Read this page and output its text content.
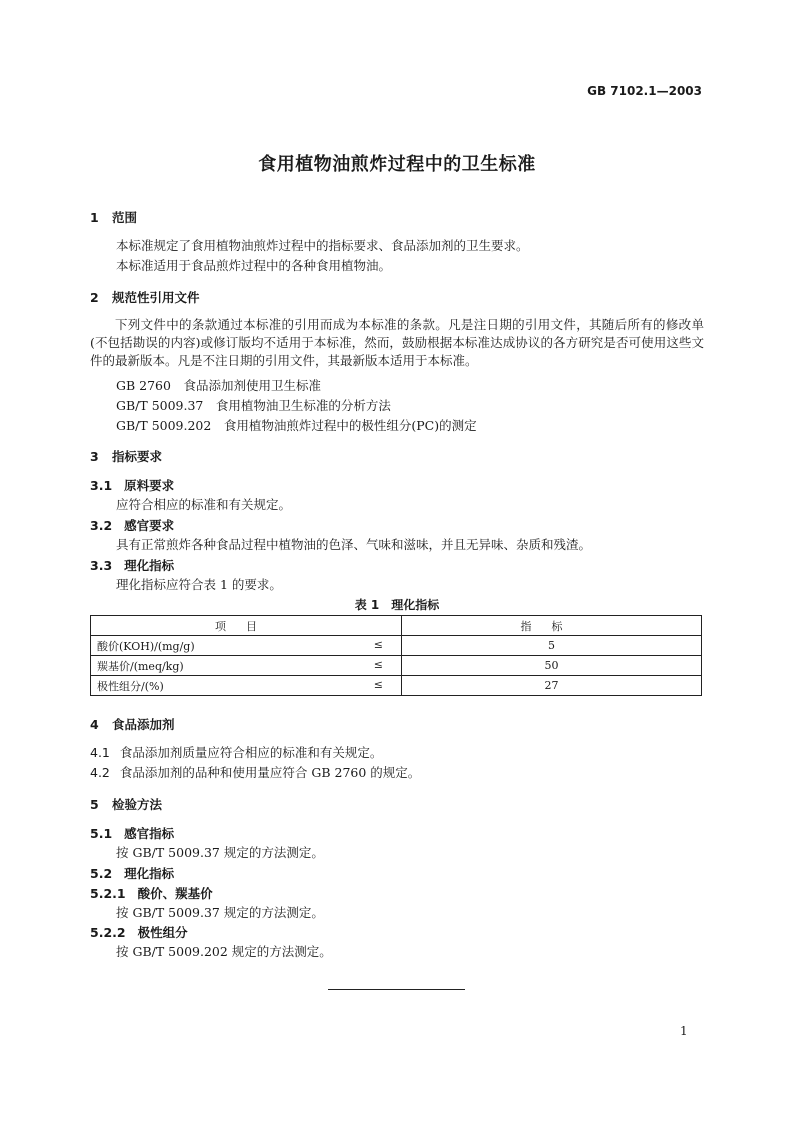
GB 7102.1—2003
食用植物油煎炸过程中的卫生标准
1 范围
本标准规定了食用植物油煎炸过程中的指标要求、食品添加剂的卫生要求。
本标准适用于食品煎炸过程中的各种食用植物油。
2 规范性引用文件
下列文件中的条款通过本标准的引用而成为本标准的条款。凡是注日期的引用文件，其随后所有的修改单(不包括勘误的内容)或修订版均不适用于本标准，然而，鼓励根据本标准达成协议的各方研究是否可使用这些文件的最新版本。凡是不注日期的引用文件，其最新版本适用于本标准。
GB 2760　食品添加剂使用卫生标准
GB/T 5009.37　食用植物油卫生标准的分析方法
GB/T 5009.202　食用植物油煎炸过程中的极性组分(PC)的测定
3 指标要求
3.1 原料要求
应符合相应的标准和有关规定。
3.2 感官要求
具有正常煎炸各种食品过程中植物油的色泽、气味和滋味，并且无异味、杂质和残渣。
3.3 理化指标
理化指标应符合表 1 的要求。
表 1　理化指标
项目	指标
酸价(KOH)/(mg/g) ≤	5
羰基价/(meq/kg) ≤	50
极性组分/(%) ≤	27
4 食品添加剂
4.1 食品添加剂质量应符合相应的标准和有关规定。
4.2 食品添加剂的品种和使用量应符合 GB 2760 的规定。
5 检验方法
5.1 感官指标
按 GB/T 5009.37 规定的方法测定。
5.2 理化指标
5.2.1 酸价、羰基价
按 GB/T 5009.37 规定的方法测定。
5.2.2 极性组分
按 GB/T 5009.202 规定的方法测定。
1
